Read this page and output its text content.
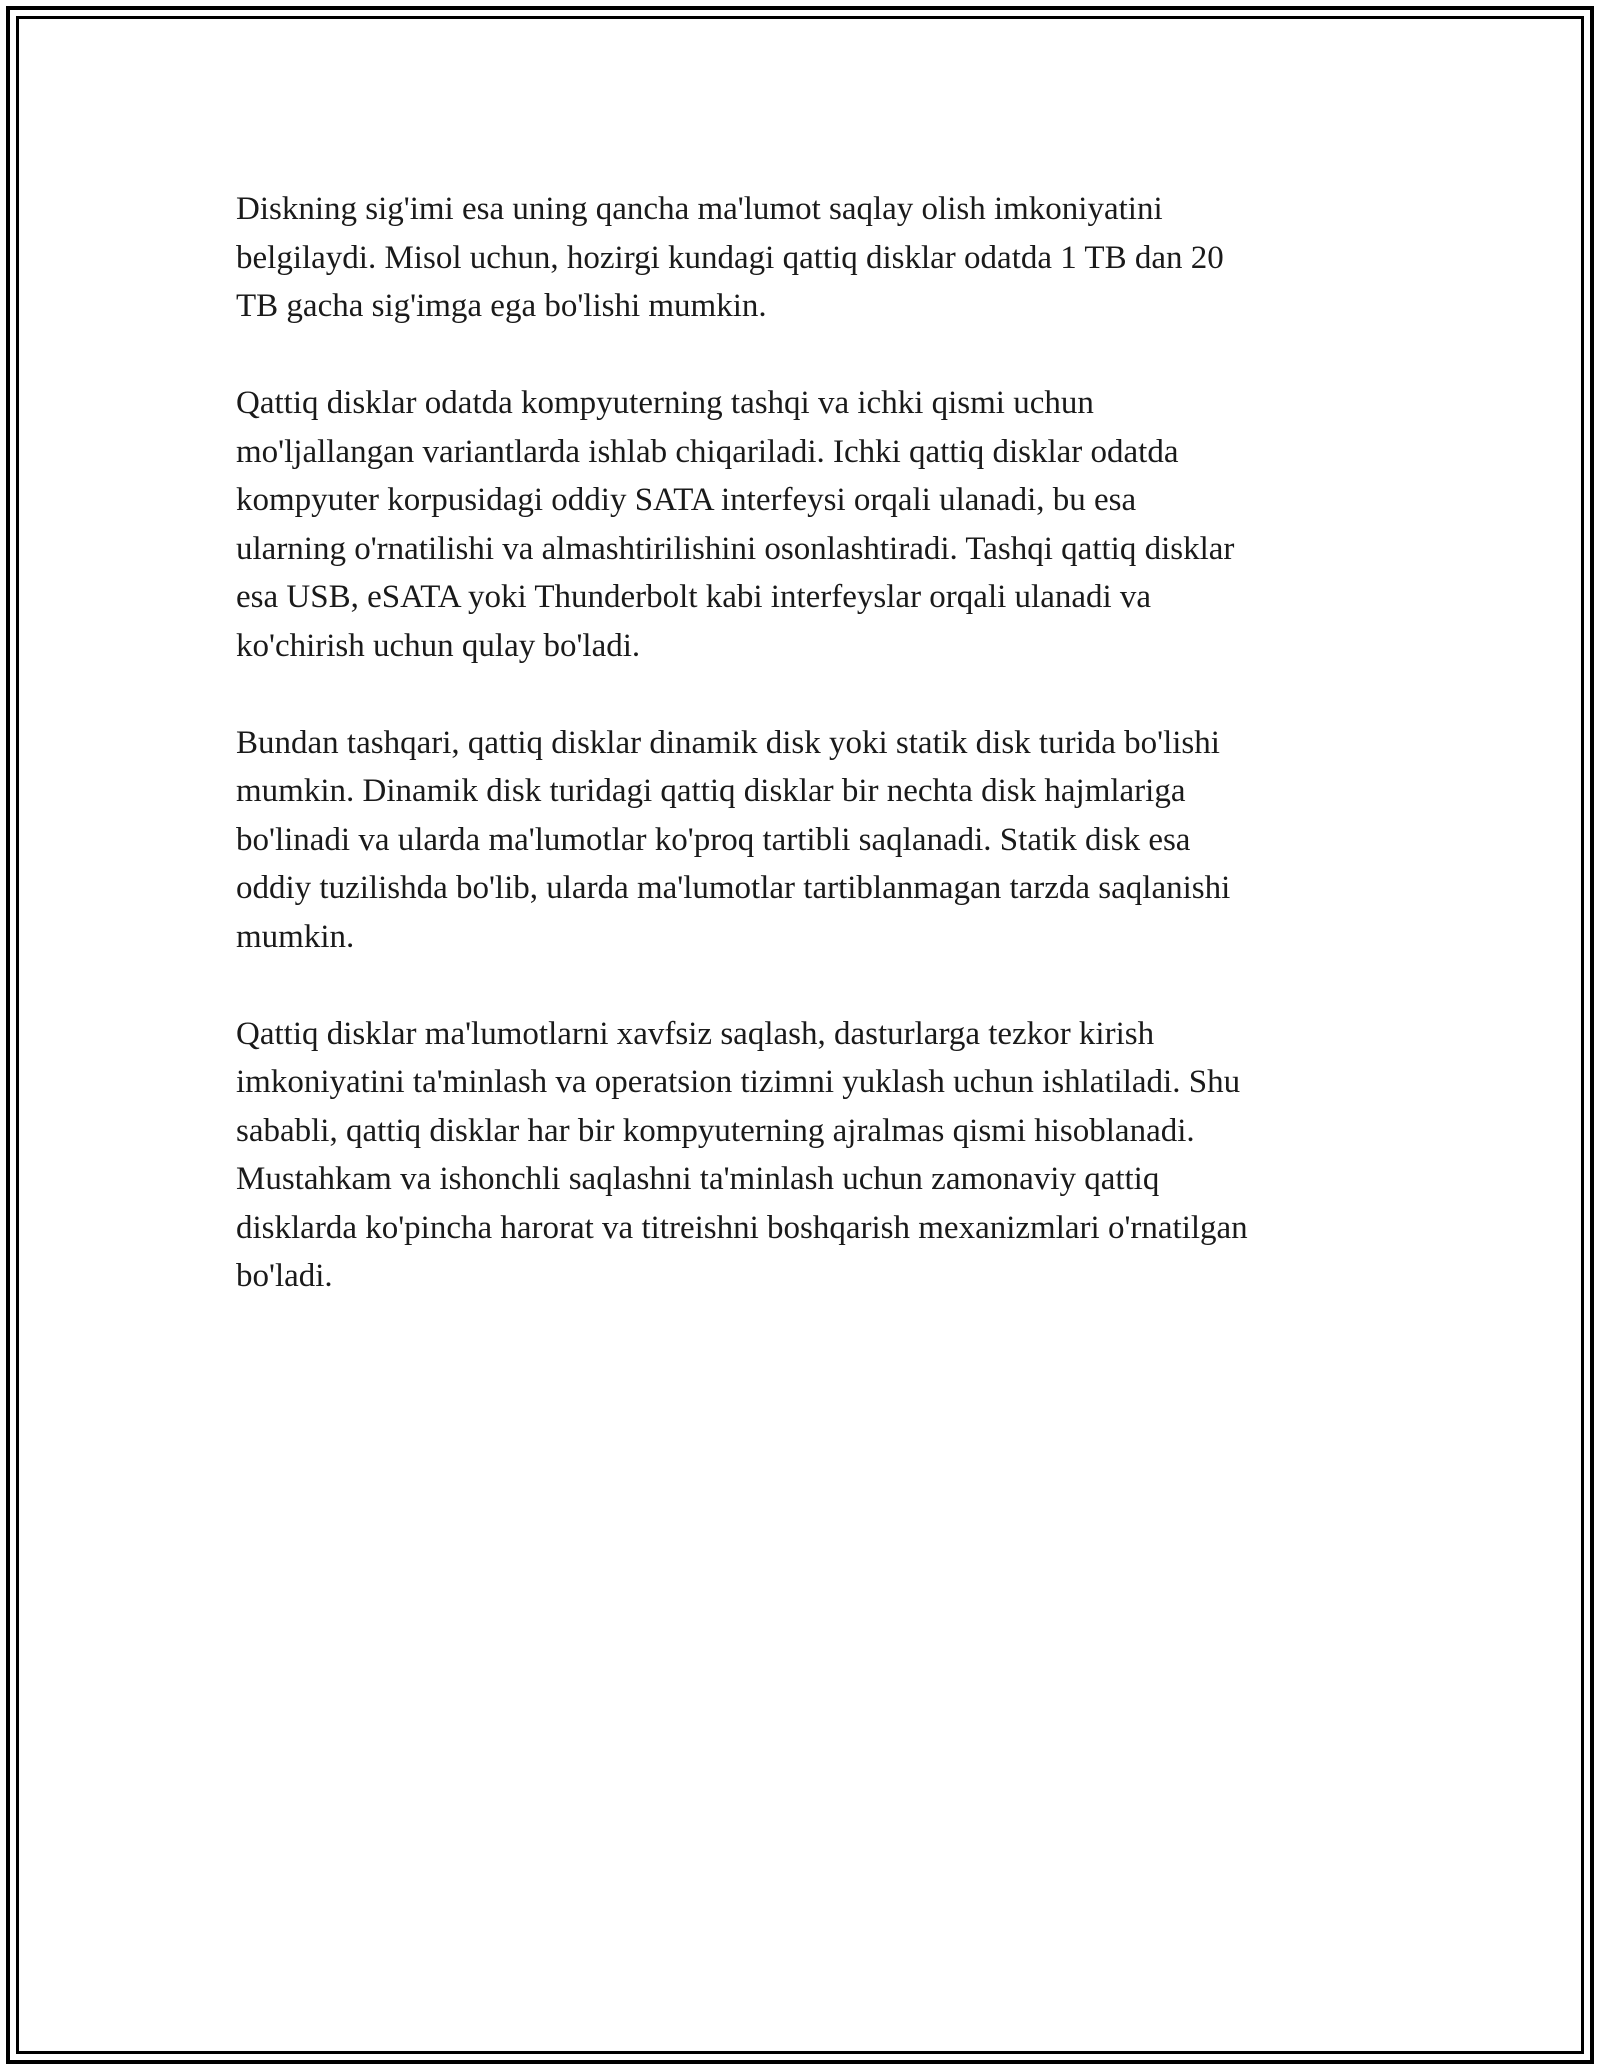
Diskning sig'imi esa uning qancha ma'lumot saqlay olish imkoniyatini
belgilaydi. Misol uchun, hozirgi kundagi qattiq disklar odatda 1 TB dan 20
TB gacha sig'imga ega bo'lishi mumkin.

Qattiq disklar odatda kompyuterning tashqi va ichki qismi uchun
mo'ljallangan variantlarda ishlab chiqariladi. Ichki qattiq disklar odatda
kompyuter korpusidagi oddiy SATA interfeysi orqali ulanadi, bu esa
ularning o'rnatilishi va almashtirilishini osonlashtiradi. Tashqi qattiq disklar
esa USB, eSATA yoki Thunderbolt kabi interfeyslar orqali ulanadi va
ko'chirish uchun qulay bo'ladi.

Bundan tashqari, qattiq disklar dinamik disk yoki statik disk turida bo'lishi
mumkin. Dinamik disk turidagi qattiq disklar bir nechta disk hajmlariga
bo'linadi va ularda ma'lumotlar ko'proq tartibli saqlanadi. Statik disk esa
oddiy tuzilishda bo'lib, ularda ma'lumotlar tartiblanmagan tarzda saqlanishi
mumkin.

Qattiq disklar ma'lumotlarni xavfsiz saqlash, dasturlarga tezkor kirish
imkoniyatini ta'minlash va operatsion tizimni yuklash uchun ishlatiladi. Shu
sababli, qattiq disklar har bir kompyuterning ajralmas qismi hisoblanadi.
Mustahkam va ishonchli saqlashni ta'minlash uchun zamonaviy qattiq
disklarda ko'pincha harorat va titreishni boshqarish mexanizmlari o'rnatilgan
bo'ladi.
